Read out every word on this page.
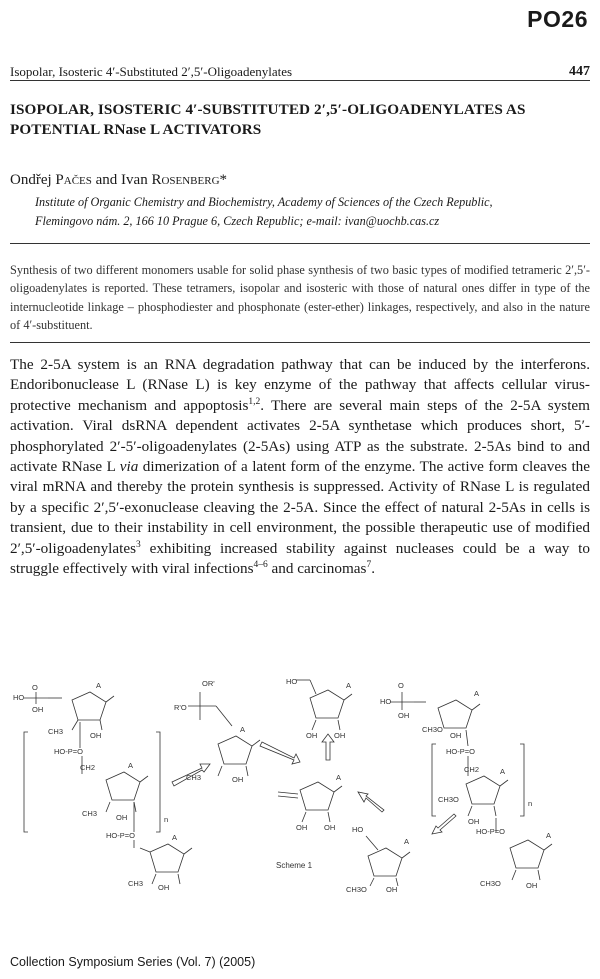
PO26
Isopolar, Isosteric 4′-Substituted 2′,5′-Oligoadenylates	447
ISOPOLAR, ISOSTERIC 4′-SUBSTITUTED 2′,5′-OLIGOADENYLATES AS POTENTIAL RNase L ACTIVATORS
Ondřej Pačes and Ivan Rosenberg*
Institute of Organic Chemistry and Biochemistry, Academy of Sciences of the Czech Republic,
Flemingovo nám. 2, 166 10 Prague 6, Czech Republic; e-mail: ivan@uochb.cas.cz

Synthesis of two different monomers usable for solid phase synthesis of two basic types of modified tetrameric 2′,5′-oligoadenylates is reported. These tetramers, isopolar and isosteric with those of natural ones differ in type of the internucleotide linkage – phosphodiester and phosphonate (ester-ether) linkages, respectively, and also in the nature of 4′-substituent.

The 2-5A system is an RNA degradation pathway that can be induced by the interferons. Endoribonuclease L (RNase L) is key enzyme of the pathway that affects cellular virus-protective mechanism and appoptosis$^{1,2}$. There are several main steps of the 2-5A system activation. Viral dsRNA dependent activates 2-5A synthetase which produces short, 5′-phosphorylated 2′-5′-oligoadenylates (2-5As) using ATP as the substrate. 2-5As bind to and activate RNase L via dimerization of a latent form of the enzyme. The active form cleaves the viral mRNA and thereby the protein synthesis is suppressed. Activity of RNase L is regulated by a specific 2′,5′-exonuclease cleaving the 2-5A. Since the effect of natural 2-5As in cells is transient, due to their instability in cell environment, the possible therapeutic use of modified 2′,5′-oligoadenylates$^3$ exhibiting increased stability against nucleases could be a way to struggle effectively with viral infections$^{4-6}$ and carcinomas$^7$.

HO
O
OH
A
CH3	OH
HO-P=O
CH2	A
CH3	OH	n
HO-P=O	A
CH3 OH
OR'
R'O
A
CH3	OH
HO	A
OH OH
A
OH OH HO
A
CH3O	OH
Scheme 1
HO
O
OH
A
CH3O
OH
HO-P=O
CH2	A
CH3O
OH
n
HO-P=O	A
CH3O	OH
Collection Symposium Series (Vol. 7) (2005)
